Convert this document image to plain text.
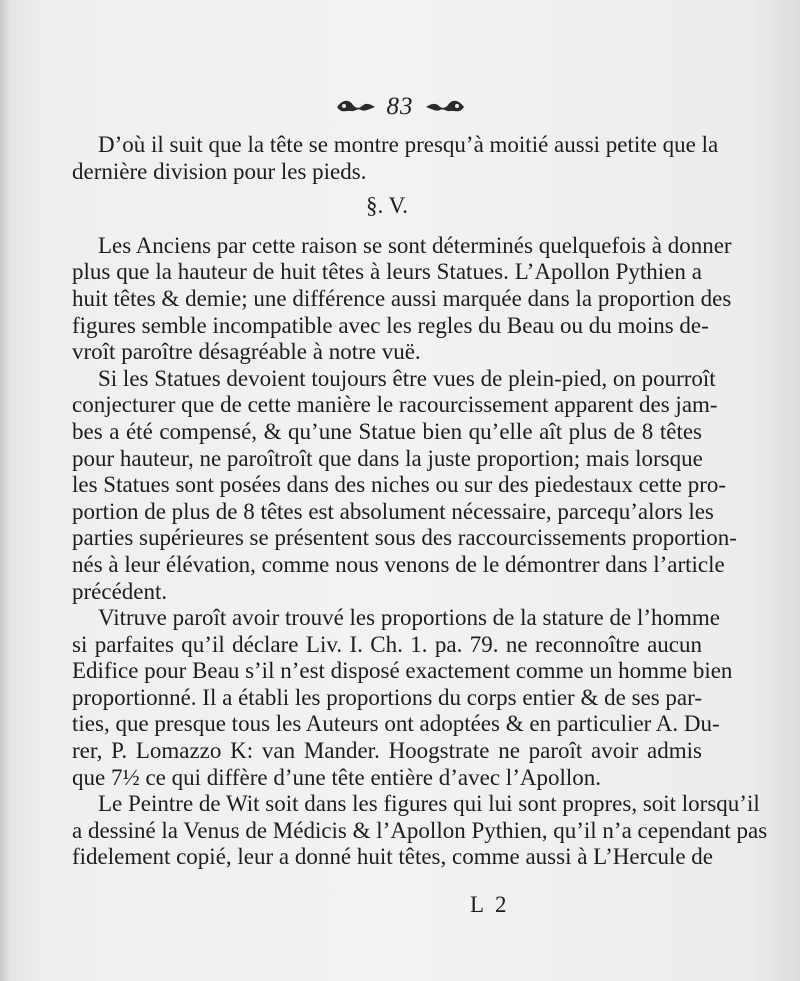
83
D’où il suit que la tête se montre presqu’à moitié aussi petite que la
dernière division pour les pieds.
§. V.
Les Anciens par cette raison se sont déterminés quelquefois à donner
plus que la hauteur de huit têtes à leurs Statues. L’Apollon Pythien a
huit têtes & demie; une différence aussi marquée dans la proportion des
figures semble incompatible avec les regles du Beau ou du moins de-
vroît paroître désagréable à notre vuë.
Si les Statues devoient toujours être vues de plein-pied, on pourroît
conjecturer que de cette manière le racourcissement apparent des jam-
bes a été compensé, & qu’une Statue bien qu’elle aît plus de 8 têtes
pour hauteur, ne paroîtroît que dans la juste proportion; mais lorsque
les Statues sont posées dans des niches ou sur des piedestaux cette pro-
portion de plus de 8 têtes est absolument nécessaire, parcequ’alors les
parties supérieures se présentent sous des raccourcissements proportion-
nés à leur élévation, comme nous venons de le démontrer dans l’article
précédent.
Vitruve paroît avoir trouvé les proportions de la stature de l’homme
si parfaites qu’il déclare Liv. I. Ch. 1. pa. 79. ne reconnoître aucun
Edifice pour Beau s’il n’est disposé exactement comme un homme bien
proportionné. Il a établi les proportions du corps entier & de ses par-
ties, que presque tous les Auteurs ont adoptées & en particulier A. Du-
rer, P. Lomazzo K: van Mander. Hoogstrate ne paroît avoir admis
que 7½ ce qui diffère d’une tête entière d’avec l’Apollon.
Le Peintre de Wit soit dans les figures qui lui sont propres, soit lorsqu’il
a dessiné la Venus de Médicis & l’Apollon Pythien, qu’il n’a cependant pas
fidelement copié, leur a donné huit têtes, comme aussi à L’Hercule de
L 2
